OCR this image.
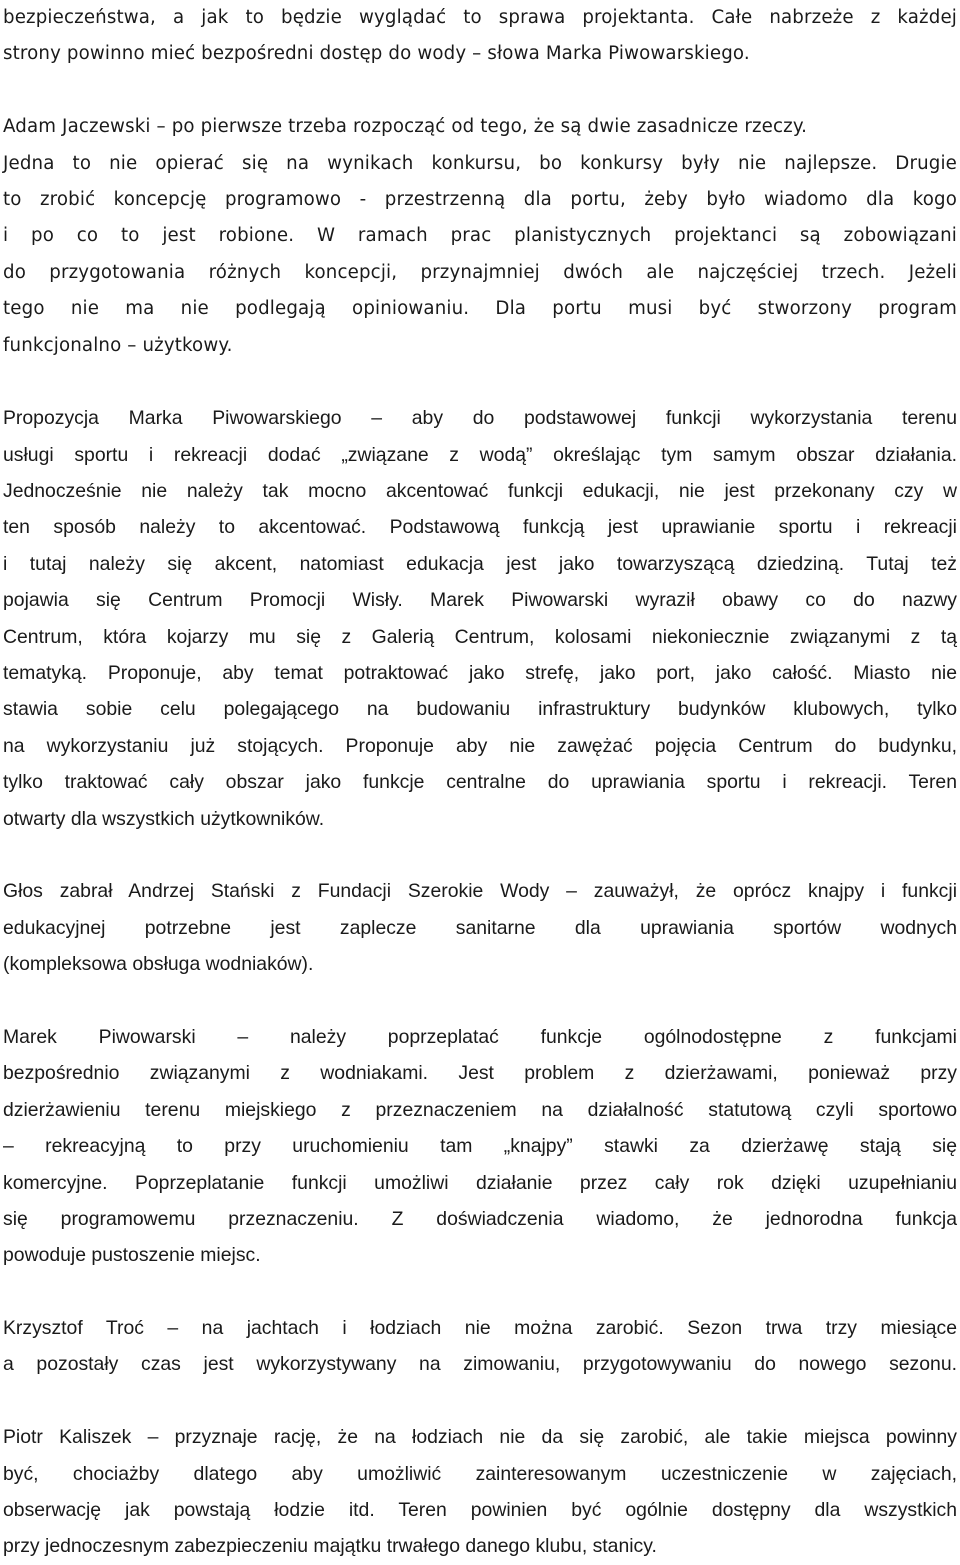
bezpieczeństwa, a jak to będzie wyglądać to sprawa projektanta. Całe nabrzeże z każdej
strony powinno mieć bezpośredni dostęp do wody – słowa Marka Piwowarskiego.
Adam Jaczewski – po pierwsze trzeba rozpocząć od tego, że są dwie zasadnicze rzeczy.
Jedna to nie opierać się na wynikach konkursu, bo konkursy były nie najlepsze. Drugie
to zrobić koncepcję programowo - przestrzenną dla portu, żeby było wiadomo dla kogo
i po co to jest robione. W ramach prac planistycznych projektanci są zobowiązani
do przygotowania różnych koncepcji, przynajmniej dwóch ale najczęściej trzech. Jeżeli
tego nie ma nie podlegają opiniowaniu. Dla portu musi być stworzony program
funkcjonalno – użytkowy.
Propozycja Marka Piwowarskiego – aby do podstawowej funkcji wykorzystania terenu
usługi sportu i rekreacji dodać „związane z wodą” określając tym samym obszar działania.
Jednocześnie nie należy tak mocno akcentować funkcji edukacji, nie jest przekonany czy w
ten sposób należy to akcentować. Podstawową funkcją jest uprawianie sportu i rekreacji
i tutaj należy się akcent, natomiast edukacja jest jako towarzyszącą dziedziną. Tutaj też
pojawia się Centrum Promocji Wisły. Marek Piwowarski wyraził obawy co do nazwy
Centrum, która kojarzy mu się z Galerią Centrum, kolosami niekoniecznie związanymi z tą
tematyką. Proponuje, aby temat potraktować jako strefę, jako port, jako całość. Miasto nie
stawia sobie celu polegającego na budowaniu infrastruktury budynków klubowych, tylko
na wykorzystaniu już stojących. Proponuje aby nie zawężać pojęcia Centrum do budynku,
tylko traktować cały obszar jako funkcje centralne do uprawiania sportu i rekreacji. Teren
otwarty dla wszystkich użytkowników.
Głos zabrał Andrzej Stański z Fundacji Szerokie Wody – zauważył, że oprócz knajpy i funkcji
edukacyjnej potrzebne jest zaplecze sanitarne dla uprawiania sportów wodnych
(kompleksowa obsługa wodniaków).
Marek Piwowarski – należy poprzeplatać funkcje ogólnodostępne z funkcjami
bezpośrednio związanymi z wodniakami. Jest problem z dzierżawami, ponieważ przy
dzierżawieniu terenu miejskiego z przeznaczeniem na działalność statutową czyli sportowo
– rekreacyjną to przy uruchomieniu tam „knajpy” stawki za dzierżawę stają się
komercyjne. Poprzeplatanie funkcji umożliwi działanie przez cały rok dzięki uzupełnianiu
się programowemu przeznaczeniu. Z doświadczenia wiadomo, że jednorodna funkcja
powoduje pustoszenie miejsc.
Krzysztof Troć – na jachtach i łodziach nie można zarobić. Sezon trwa trzy miesiące
a pozostały czas jest wykorzystywany na zimowaniu, przygotowywaniu do nowego sezonu.
Piotr Kaliszek – przyznaje rację, że na łodziach nie da się zarobić, ale takie miejsca powinny
być, chociażby dlatego aby umożliwić zainteresowanym uczestniczenie w zajęciach,
obserwację jak powstają łodzie itd. Teren powinien być ogólnie dostępny dla wszystkich
przy jednoczesnym zabezpieczeniu majątku trwałego danego klubu, stanicy.
